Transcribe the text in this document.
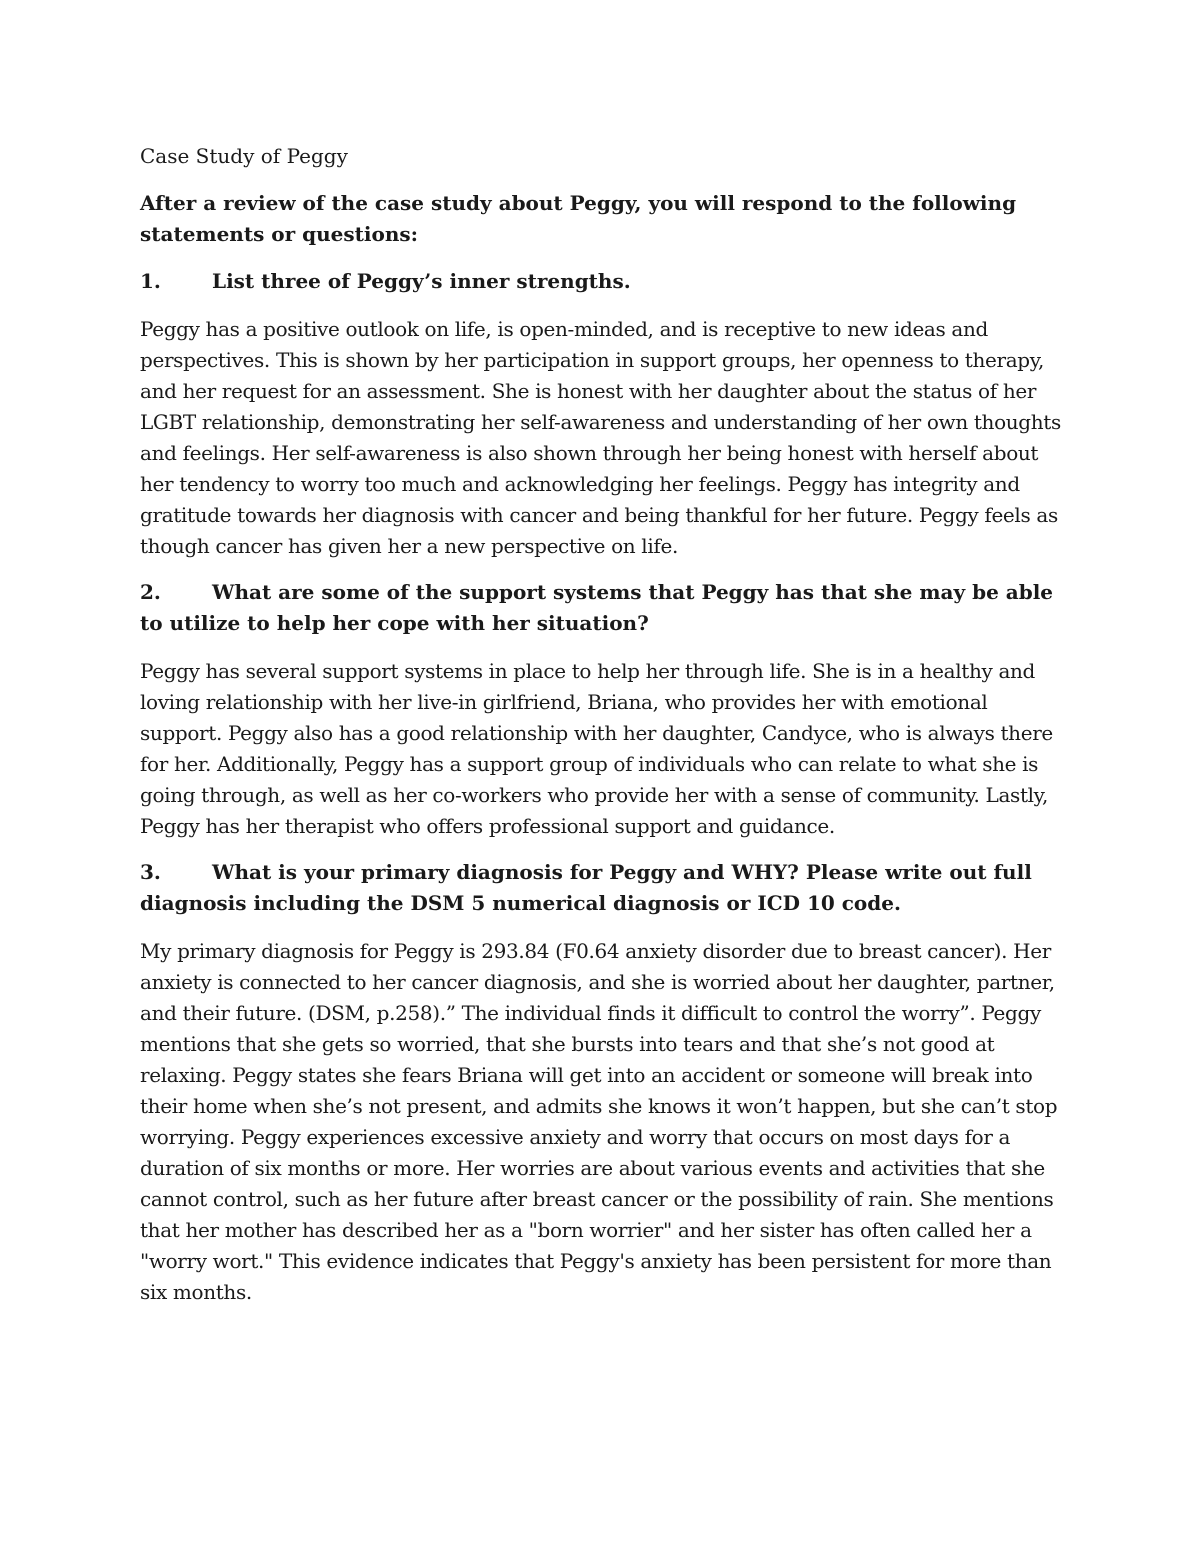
Case Study of Peggy

After a review of the case study about Peggy, you will respond to the following statements or questions:

1.	List three of Peggy’s inner strengths.

Peggy has a positive outlook on life, is open-minded, and is receptive to new ideas and perspectives. This is shown by her participation in support groups, her openness to therapy, and her request for an assessment. She is honest with her daughter about the status of her LGBT relationship, demonstrating her self-awareness and understanding of her own thoughts and feelings. Her self-awareness is also shown through her being honest with herself about her tendency to worry too much and acknowledging her feelings. Peggy has integrity and gratitude towards her diagnosis with cancer and being thankful for her future. Peggy feels as though cancer has given her a new perspective on life.

2.	What are some of the support systems that Peggy has that she may be able to utilize to help her cope with her situation?

Peggy has several support systems in place to help her through life. She is in a healthy and loving relationship with her live-in girlfriend, Briana, who provides her with emotional support. Peggy also has a good relationship with her daughter, Candyce, who is always there for her. Additionally, Peggy has a support group of individuals who can relate to what she is going through, as well as her co-workers who provide her with a sense of community. Lastly, Peggy has her therapist who offers professional support and guidance.

3.	What is your primary diagnosis for Peggy and WHY? Please write out full diagnosis including the DSM 5 numerical diagnosis or ICD 10 code.

My primary diagnosis for Peggy is 293.84 (F0.64 anxiety disorder due to breast cancer). Her anxiety is connected to her cancer diagnosis, and she is worried about her daughter, partner, and their future. (DSM, p.258).” The individual finds it difficult to control the worry”. Peggy mentions that she gets so worried, that she bursts into tears and that she’s not good at relaxing. Peggy states she fears Briana will get into an accident or someone will break into their home when she’s not present, and admits she knows it won’t happen, but she can’t stop worrying. Peggy experiences excessive anxiety and worry that occurs on most days for a duration of six months or more. Her worries are about various events and activities that she cannot control, such as her future after breast cancer or the possibility of rain. She mentions that her mother has described her as a "born worrier" and her sister has often called her a "worry wort." This evidence indicates that Peggy's anxiety has been persistent for more than six months.
